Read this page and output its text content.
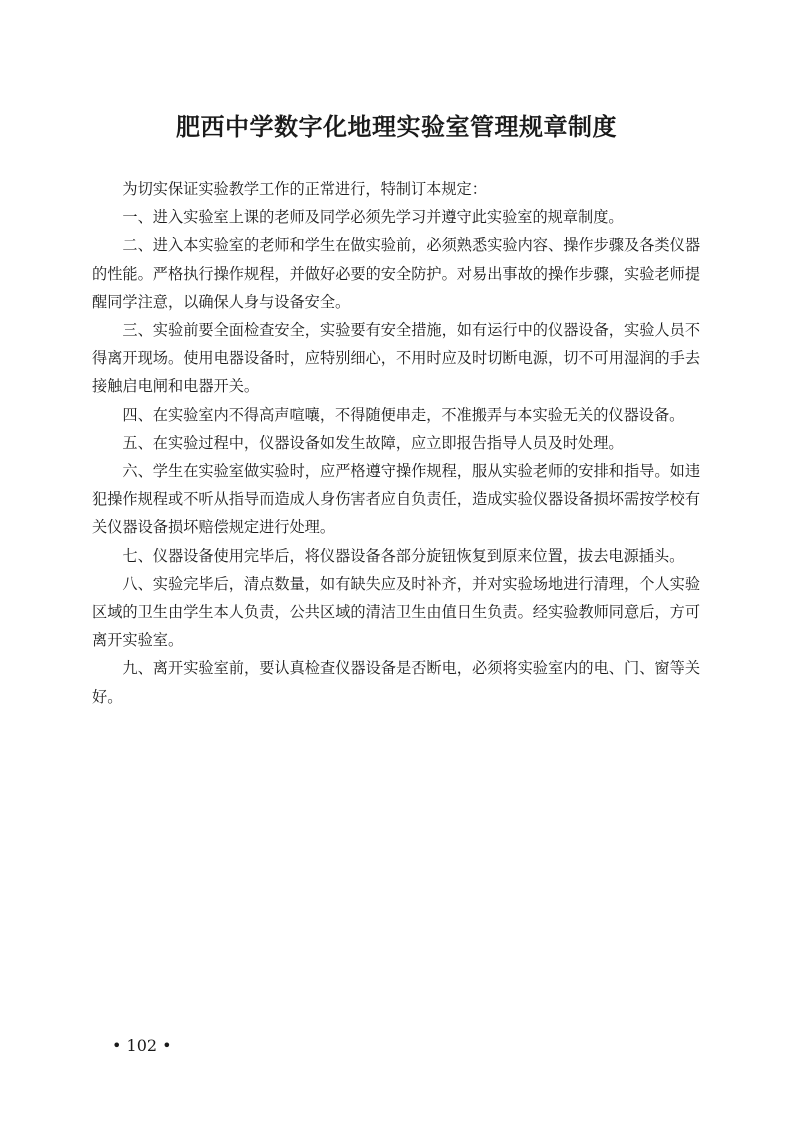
肥西中学数字化地理实验室管理规章制度

为切实保证实验教学工作的正常进行，特制订本规定：

一、进入实验室上课的老师及同学必须先学习并遵守此实验室的规章制度。

二、进入本实验室的老师和学生在做实验前，必须熟悉实验内容、操作步骤及各类仪器的性能。严格执行操作规程，并做好必要的安全防护。对易出事故的操作步骤，实验老师提醒同学注意，以确保人身与设备安全。

三、实验前要全面检查安全，实验要有安全措施，如有运行中的仪器设备，实验人员不得离开现场。使用电器设备时，应特别细心，不用时应及时切断电源，切不可用湿润的手去接触启电闸和电器开关。

四、在实验室内不得高声喧嚷，不得随便串走，不准搬弄与本实验无关的仪器设备。

五、在实验过程中，仪器设备如发生故障，应立即报告指导人员及时处理。

六、学生在实验室做实验时，应严格遵守操作规程，服从实验老师的安排和指导。如违犯操作规程或不听从指导而造成人身伤害者应自负责任，造成实验仪器设备损坏需按学校有关仪器设备损坏赔偿规定进行处理。

七、仪器设备使用完毕后，将仪器设备各部分旋钮恢复到原来位置，拔去电源插头。

八、实验完毕后，清点数量，如有缺失应及时补齐，并对实验场地进行清理，个人实验区域的卫生由学生本人负责，公共区域的清洁卫生由值日生负责。经实验教师同意后，方可离开实验室。

九、离开实验室前，要认真检查仪器设备是否断电，必须将实验室内的电、门、窗等关好。

• 102 •
